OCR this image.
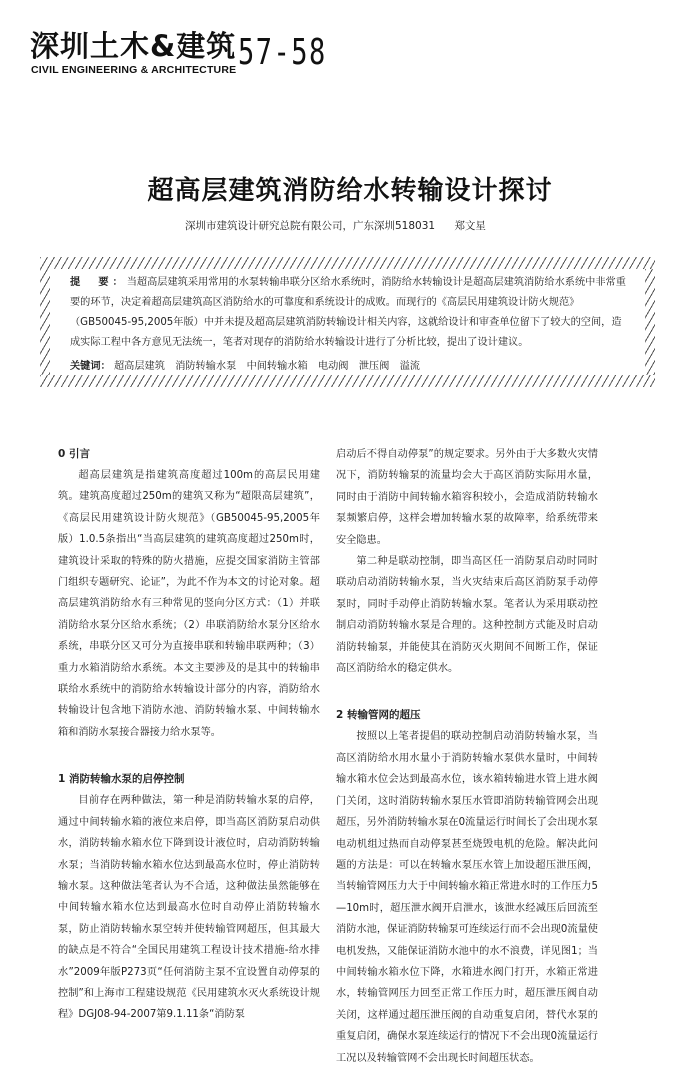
深圳土木&建筑
CIVIL ENGINEERING & ARCHITECTURE 57-58
超高层建筑消防给水转输设计探讨
深圳市建筑设计研究总院有限公司，广东深圳518031 郑文星
提　要：当超高层建筑采用常用的水泵转输串联分区给水系统时，消防给水转输设计是超高层建筑消防给水系统中非常重要的环节，决定着超高层建筑高区消防给水的可靠度和系统设计的成败。而现行的《高层民用建筑设计防火规范》（GB50045-95,2005年版）中并未提及超高层建筑消防转输设计相关内容，这就给设计和审查单位留下了较大的空间，造成实际工程中各方意见无法统一，笔者对现存的消防给水转输设计进行了分析比较，提出了设计建议。
关键词： 超高层建筑 消防转输水泵 中间转输水箱 电动阀 泄压阀 溢流
0 引言

超高层建筑是指建筑高度超过100m的高层民用建筑。建筑高度超过250m的建筑又称为“超限高层建筑”，《高层民用建筑设计防火规范》（GB50045-95,2005年版）1.0.5条指出“当高层建筑的建筑高度超过250m时，建筑设计采取的特殊的防火措施，应提交国家消防主管部门组织专题研究、论证”，为此不作为本文的讨论对象。超高层建筑消防给水有三种常见的竖向分区方式：（1）并联消防给水泵分区给水系统；（2）串联消防给水泵分区给水系统，串联分区又可分为直接串联和转输串联两种；（3）重力水箱消防给水系统。本文主要涉及的是其中的转输串联给水系统中的消防给水转输设计部分的内容，消防给水转输设计包含地下消防水池、消防转输水泵、中间转输水箱和消防水泵接合器接力给水泵等。

1 消防转输水泵的启停控制

目前存在两种做法，第一种是消防转输水泵的启停，通过中间转输水箱的液位来启停，即当高区消防泵启动供水，消防转输水箱水位下降到设计液位时，启动消防转输水泵；当消防转输水箱水位达到最高水位时，停止消防转输水泵。这种做法笔者认为不合适，这种做法虽然能够在中间转输水箱水位达到最高水位时自动停止消防转输水泵，防止消防转输水泵空转并使转输管网超压，但其最大的缺点是不符合“全国民用建筑工程设计技术措施-给水排水”2009年版P273页“任何消防主泵不宜设置自动停泵的控制”和上海市工程建设规范《民用建筑水灭火系统设计规程》DGJ08-94-2007第9.1.11条“消防泵

启动后不得自动停泵”的规定要求。另外由于大多数火灾情况下，消防转输泵的流量均会大于高区消防实际用水量，同时由于消防中间转输水箱容积较小，会造成消防转输水泵频繁启停，这样会增加转输水泵的故障率，给系统带来安全隐患。

第二种是联动控制，即当高区任一消防泵启动时同时联动启动消防转输水泵，当火灾结束后高区消防泵手动停泵时，同时手动停止消防转输水泵。笔者认为采用联动控制启动消防转输水泵是合理的。这种控制方式能及时启动消防转输泵，并能使其在消防灭火期间不间断工作，保证高区消防给水的稳定供水。

2 转输管网的超压

按照以上笔者提倡的联动控制启动消防转输水泵，当高区消防给水用水量小于消防转输水泵供水量时，中间转输水箱水位会达到最高水位，该水箱转输进水管上进水阀门关闭，这时消防转输水泵压水管即消防转输管网会出现超压，另外消防转输水泵在0流量运行时间长了会出现水泵电动机组过热而自动停泵甚至烧毁电机的危险。解决此问题的方法是：可以在转输水泵压水管上加设超压泄压阀，当转输管网压力大于中间转输水箱正常进水时的工作压力5—10m时，超压泄水阀开启泄水，该泄水经减压后回流至消防水池，保证消防转输泵可连续运行而不会出现0流量使电机发热，又能保证消防水池中的水不浪费，详见图1；当中间转输水箱水位下降，水箱进水阀门打开，水箱正常进水，转输管网压力回至正常工作压力时，超压泄压阀自动关闭，这样通过超压泄压阀的自动重复启闭，替代水泵的重复启闭，确保水泵连续运行的情况下不会出现0流量运行工况以及转输管网不会出现长时间超压状态。
